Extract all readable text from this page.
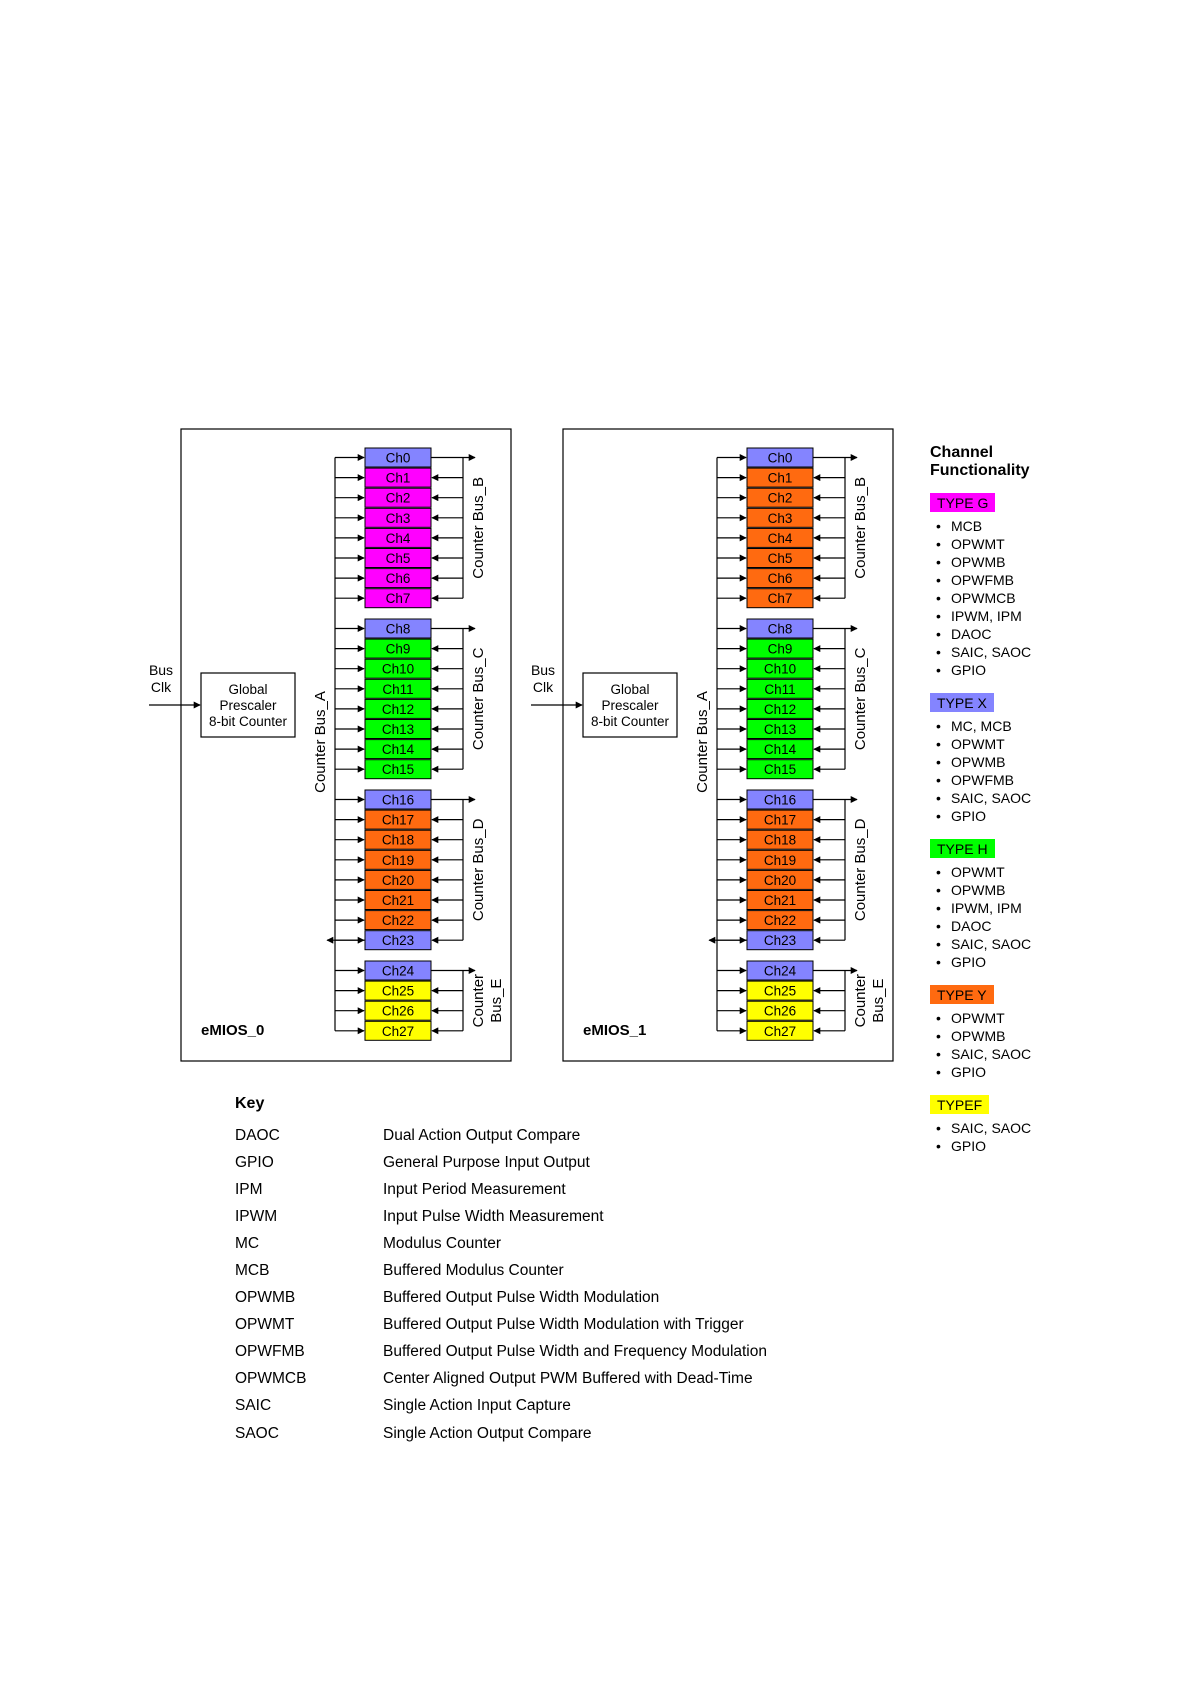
eMIOS_0
Bus
Clk	Global
Prescaler
8-bit Counter Counter Bus_A
Ch0
Ch1
Ch2
Ch3
Ch4
Ch5
Ch6
Ch7
Counter Bus_B
Ch8
Ch9
Ch10
Ch11
Ch12
Ch13
Ch14
Ch15
Counter Bus_C
Ch16
Ch17
Ch18
Ch19
Ch20
Ch21
Ch22
Ch23
Counter Bus_D
Ch24
Ch25
Ch26
Ch27
Counter Bus_E
eMIOS_1
Bus
Clk	Global
Prescaler
8-bit Counter Counter Bus_A
Ch0
Ch1
Ch2
Ch3
Ch4
Ch5
Ch6
Ch7
Counter Bus_B
Ch8
Ch9
Ch10
Ch11
Ch12
Ch13
Ch14
Ch15
Counter Bus_C
Ch16
Ch17
Ch18
Ch19
Ch20
Ch21
Ch22
Ch23
Counter Bus_D
Ch24
Ch25
Ch26
Ch27
Counter Bus_E
Channel
Functionality
TYPE G
• MCB
• OPWMT
• OPWMB
• OPWFMB
• OPWMCB
• IPWM, IPM
• DAOC
• SAIC, SAOC
• GPIO
TYPE X
• MC, MCB
• OPWMT
• OPWMB
• OPWFMB
• SAIC, SAOC
• GPIO
TYPE H
• OPWMT
• OPWMB
• IPWM, IPM
• DAOC
• SAIC, SAOC
• GPIO
TYPE Y
• OPWMT
• OPWMB
• SAIC, SAOC
• GPIO
TYPEF
• SAIC, SAOC
• GPIO
Key
DAOC	Dual Action Output Compare
GPIO	General Purpose Input Output
IPM	Input Period Measurement
IPWM	Input Pulse Width Measurement
MC	Modulus Counter
MCB	Buffered Modulus Counter
OPWMB	Buffered Output Pulse Width Modulation
OPWMT	Buffered Output Pulse Width Modulation with Trigger
OPWFMB	Buffered Output Pulse Width and Frequency Modulation
OPWMCB	Center Aligned Output PWM Buffered with Dead-Time
SAIC	Single Action Input Capture
SAOC	Single Action Output Compare
